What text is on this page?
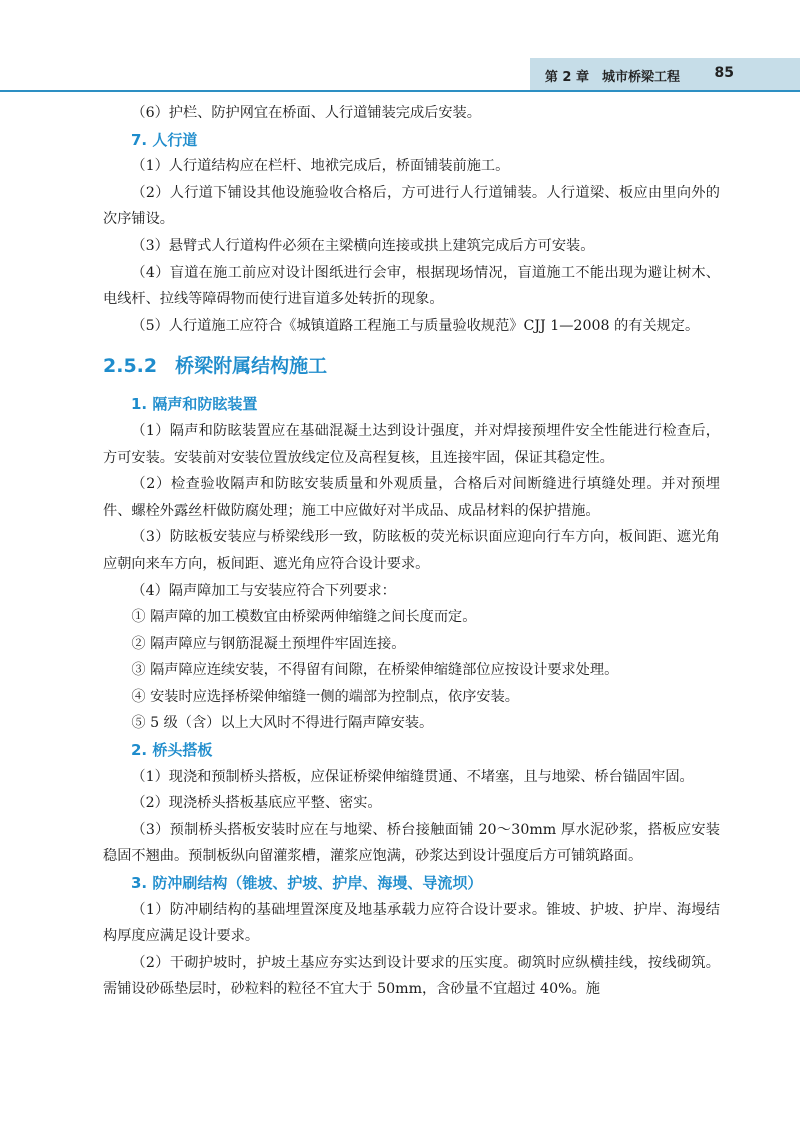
第 2 章　城市桥梁工程 85

（6）护栏、防护网宜在桥面、人行道铺装完成后安装。

7. 人行道

（1）人行道结构应在栏杆、地袱完成后，桥面铺装前施工。

（2）人行道下铺设其他设施验收合格后，方可进行人行道铺装。人行道梁、板应由里向外的次序铺设。

（3）悬臂式人行道构件必须在主梁横向连接或拱上建筑完成后方可安装。

（4）盲道在施工前应对设计图纸进行会审，根据现场情况，盲道施工不能出现为避让树木、电线杆、拉线等障碍物而使行进盲道多处转折的现象。

（5）人行道施工应符合《城镇道路工程施工与质量验收规范》CJJ 1—2008 的有关规定。

2.5.2 桥梁附属结构施工
1. 隔声和防眩装置

（1）隔声和防眩装置应在基础混凝土达到设计强度，并对焊接预埋件安全性能进行检查后，方可安装。安装前对安装位置放线定位及高程复核，且连接牢固，保证其稳定性。

（2）检查验收隔声和防眩安装质量和外观质量，合格后对间断缝进行填缝处理。并对预埋件、螺栓外露丝杆做防腐处理；施工中应做好对半成品、成品材料的保护措施。

（3）防眩板安装应与桥梁线形一致，防眩板的荧光标识面应迎向行车方向，板间距、遮光角应朝向来车方向，板间距、遮光角应符合设计要求。

（4）隔声障加工与安装应符合下列要求：

① 隔声障的加工模数宜由桥梁两伸缩缝之间长度而定。

② 隔声障应与钢筋混凝土预埋件牢固连接。

③ 隔声障应连续安装，不得留有间隙，在桥梁伸缩缝部位应按设计要求处理。

④ 安装时应选择桥梁伸缩缝一侧的端部为控制点，依序安装。

⑤ 5 级（含）以上大风时不得进行隔声障安装。

2. 桥头搭板

（1）现浇和预制桥头搭板，应保证桥梁伸缩缝贯通、不堵塞，且与地梁、桥台锚固牢固。

（2）现浇桥头搭板基底应平整、密实。

（3）预制桥头搭板安装时应在与地梁、桥台接触面铺 20～30mm 厚水泥砂浆，搭板应安装稳固不翘曲。预制板纵向留灌浆槽，灌浆应饱满，砂浆达到设计强度后方可铺筑路面。

3. 防冲刷结构（锥坡、护坡、护岸、海墁、导流坝）

（1）防冲刷结构的基础埋置深度及地基承载力应符合设计要求。锥坡、护坡、护岸、海墁结构厚度应满足设计要求。

（2）干砌护坡时，护坡土基应夯实达到设计要求的压实度。砌筑时应纵横挂线，按线砌筑。需铺设砂砾垫层时，砂粒料的粒径不宜大于 50mm，含砂量不宜超过 40%。施
